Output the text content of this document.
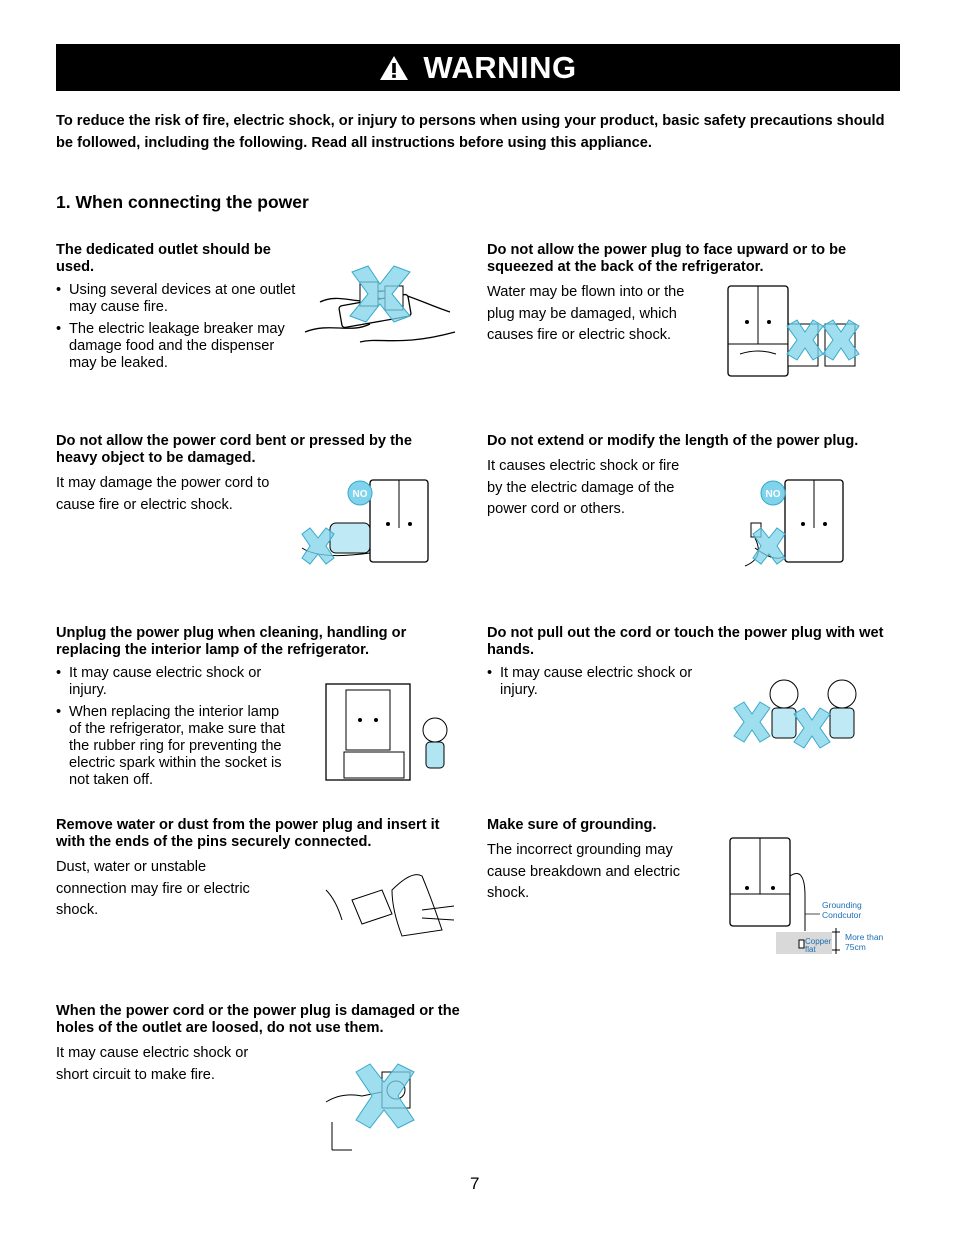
WARNING
To reduce the risk of fire, electric shock, or injury to persons when using your product, basic safety precautions should be followed, including the following. Read all instructions before using this appliance.
1. When connecting the power
The dedicated outlet should be used.
• Using several devices at one outlet may cause fire.
• The electric leakage breaker may damage food and the dispenser may be leaked.
Do not allow the power plug to face upward or to be squeezed at the back of the refrigerator.
Water may be flown into or the plug may be damaged, which causes fire or electric shock.
Do not allow the power cord bent or pressed by the heavy object to be damaged.
It may damage the power cord to cause fire or electric shock.
NO
Do not extend or modify the length of the power plug.
It causes electric shock or fire by the electric damage of the power cord or others.
NO
Unplug the power plug when cleaning, handling or replacing the interior lamp of the refrigerator.
• It may cause electric shock or injury.
• When replacing the interior lamp of the refrigerator, make sure that the rubber ring for preventing the electric spark within the socket is not taken off.
Do not pull out the cord or touch the power plug with wet hands.
• It may cause electric shock or injury.
Remove water or dust from the power plug and insert it with the ends of the pins securely connected.
Dust, water or unstable connection may fire or electric shock.
Make sure of grounding.
The incorrect grounding may cause breakdown and electric shock.
Grounding Condcutor
Copper flat
More than 75cm
When the power cord or the power plug is damaged or the holes of the outlet are loosed, do not use them.
It may cause electric shock or short circuit to make fire.
7
